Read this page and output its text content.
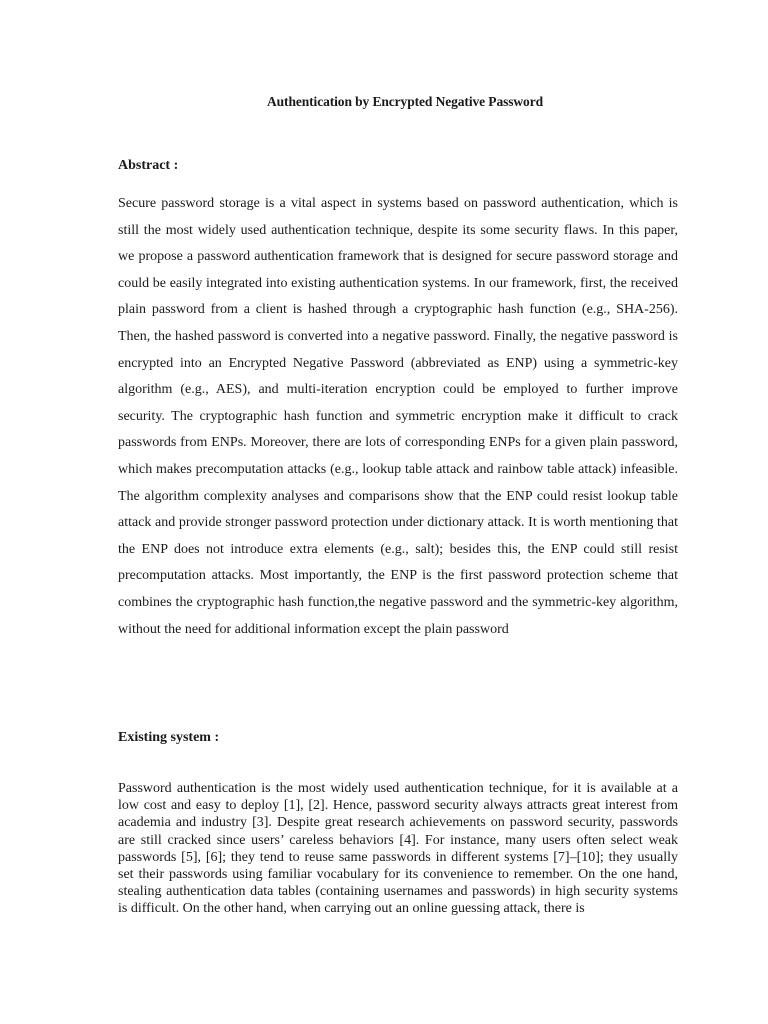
Authentication by Encrypted Negative Password
Abstract :

Secure password storage is a vital aspect in systems based on password authentication, which is still the most widely used authentication technique, despite its some security flaws. In this paper, we propose a password authentication framework that is designed for secure password storage and could be easily integrated into existing authentication systems. In our framework, first, the received plain password from a client is hashed through a cryptographic hash function (e.g., SHA-256). Then, the hashed password is converted into a negative password. Finally, the negative password is encrypted into an Encrypted Negative Password (abbreviated as ENP) using a symmetric-key algorithm (e.g., AES), and multi-iteration encryption could be employed to further improve security. The cryptographic hash function and symmetric encryption make it difficult to crack passwords from ENPs. Moreover, there are lots of corresponding ENPs for a given plain password, which makes precomputation attacks (e.g., lookup table attack and rainbow table attack) infeasible. The algorithm complexity analyses and comparisons show that the ENP could resist lookup table attack and provide stronger password protection under dictionary attack. It is worth mentioning that the ENP does not introduce extra elements (e.g., salt); besides this, the ENP could still resist precomputation attacks. Most importantly, the ENP is the first password protection scheme that combines the cryptographic hash function,the negative password and the symmetric-key algorithm, without the need for additional information except the plain password

Existing system :

Password authentication is the most widely used authentication technique, for it is available at a low cost and easy to deploy [1], [2]. Hence, password security always attracts great interest from academia and industry [3]. Despite great research achievements on password security, passwords are still cracked since users’ careless behaviors [4]. For instance, many users often select weak passwords [5], [6]; they tend to reuse same passwords in different systems [7]–[10]; they usually set their passwords using familiar vocabulary for its convenience to remember. On the one hand, stealing authentication data tables (containing usernames and passwords) in high security systems is difficult. On the other hand, when carrying out an online guessing attack, there is
